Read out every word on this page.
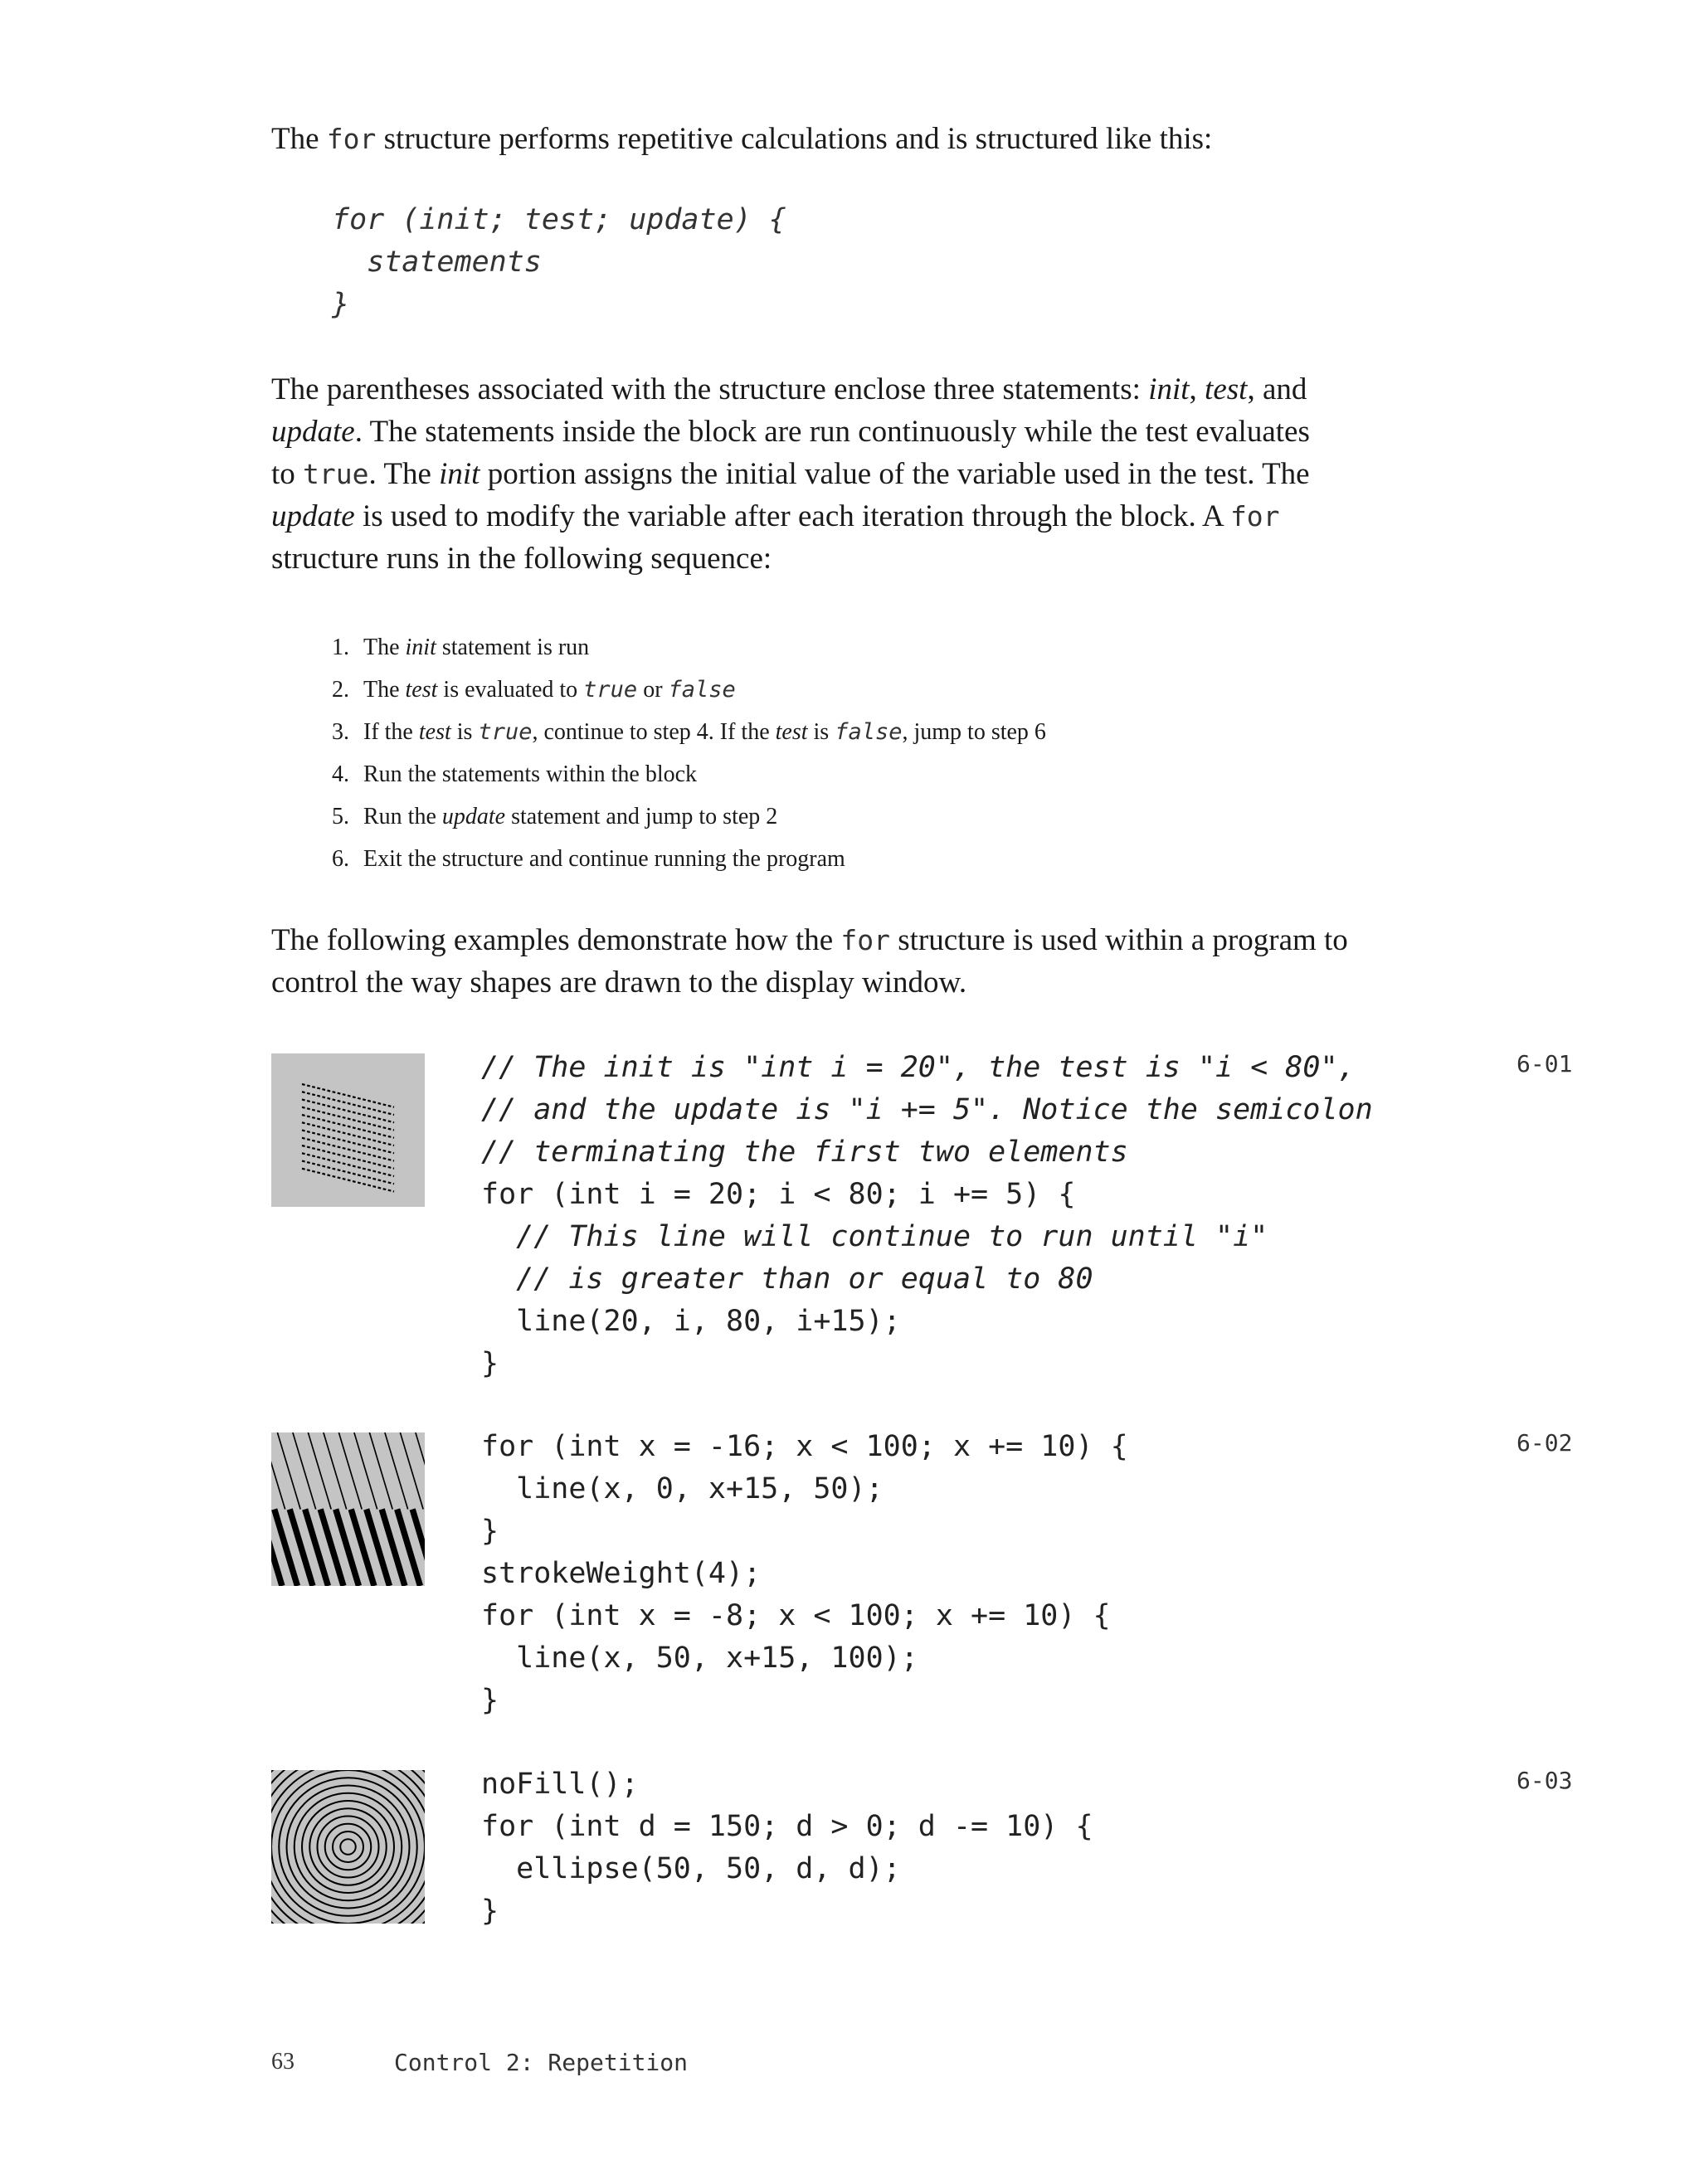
The for structure performs repetitive calculations and is structured like this:

for (init; test; update) {
statements
}
The parentheses associated with the structure enclose three statements: init, test, and
update. The statements inside the block are run continuously while the test evaluates
to true. The init portion assigns the initial value of the variable used in the test. The
update is used to modify the variable after each iteration through the block. A for
structure runs in the following sequence:
1. The init statement is run
2. The test is evaluated to true or false
3. If the test is true, continue to step 4. If the test is false, jump to step 6
4. Run the statements within the block
5. Run the update statement and jump to step 2
6. Exit the structure and continue running the program
The following examples demonstrate how the for structure is used within a program to
control the way shapes are drawn to the display window.
// The init is "int i = 20", the test is "i < 80",
// and the update is "i += 5". Notice the semicolon
// terminating the first two elements
for (int i = 20; i < 80; i += 5) {
// This line will continue to run until "i"
// is greater than or equal to 80
line(20, i, 80, i+15);
}
6-01
for (int x = -16; x < 100; x += 10) {
line(x, 0, x+15, 50);
}
strokeWeight(4);
for (int x = -8; x < 100; x += 10) {
line(x, 50, x+15, 100);
}
6-02
noFill();
for (int d = 150; d > 0; d -= 10) {
ellipse(50, 50, d, d);
}
6-03
63	Control 2: Repetition
